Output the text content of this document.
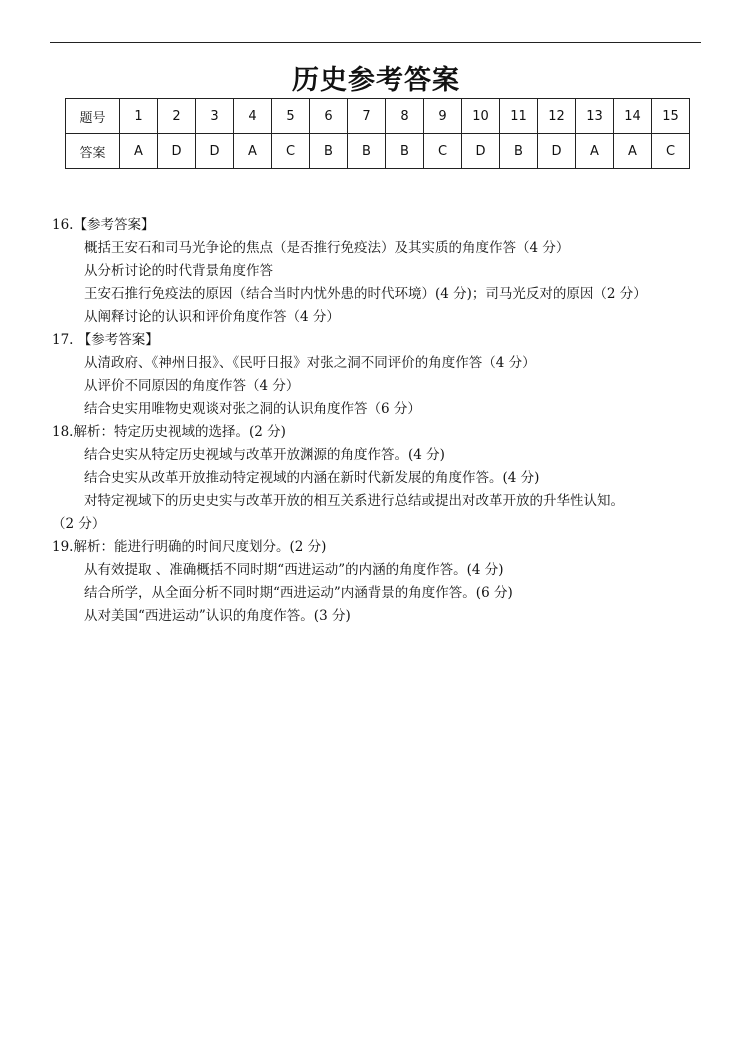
历史参考答案
题号	1	2	3	4	5	6	7	8	9	10	11	12	13	14	15
答案	A	D	D	A	C	B	B	B	C	D	B	D	A	A	C
16.【参考答案】
概括王安石和司马光争论的焦点（是否推行免疫法）及其实质的角度作答（4 分）
从分析讨论的时代背景角度作答
王安石推行免疫法的原因（结合当时内忧外患的时代环境）(4 分)；司马光反对的原因（2 分）
从阐释讨论的认识和评价角度作答（4 分）
17. 【参考答案】
从清政府、《神州日报》、《民吁日报》对张之洞不同评价的角度作答（4 分）
从评价不同原因的角度作答（4 分）
结合史实用唯物史观谈对张之洞的认识角度作答（6 分）
18.解析：特定历史视域的选择。(2 分)
结合史实从特定历史视域与改革开放渊源的角度作答。(4 分)
结合史实从改革开放推动特定视域的内涵在新时代新发展的角度作答。(4 分)
对特定视域下的历史史实与改革开放的相互关系进行总结或提出对改革开放的升华性认知。
（2 分）
19.解析：能进行明确的时间尺度划分。(2 分)
从有效提取 、准确概括不同时期“西进运动”的内涵的角度作答。(4 分)
结合所学，从全面分析不同时期“西进运动”内涵背景的角度作答。(6 分)
从对美国“西进运动”认识的角度作答。(3 分)
